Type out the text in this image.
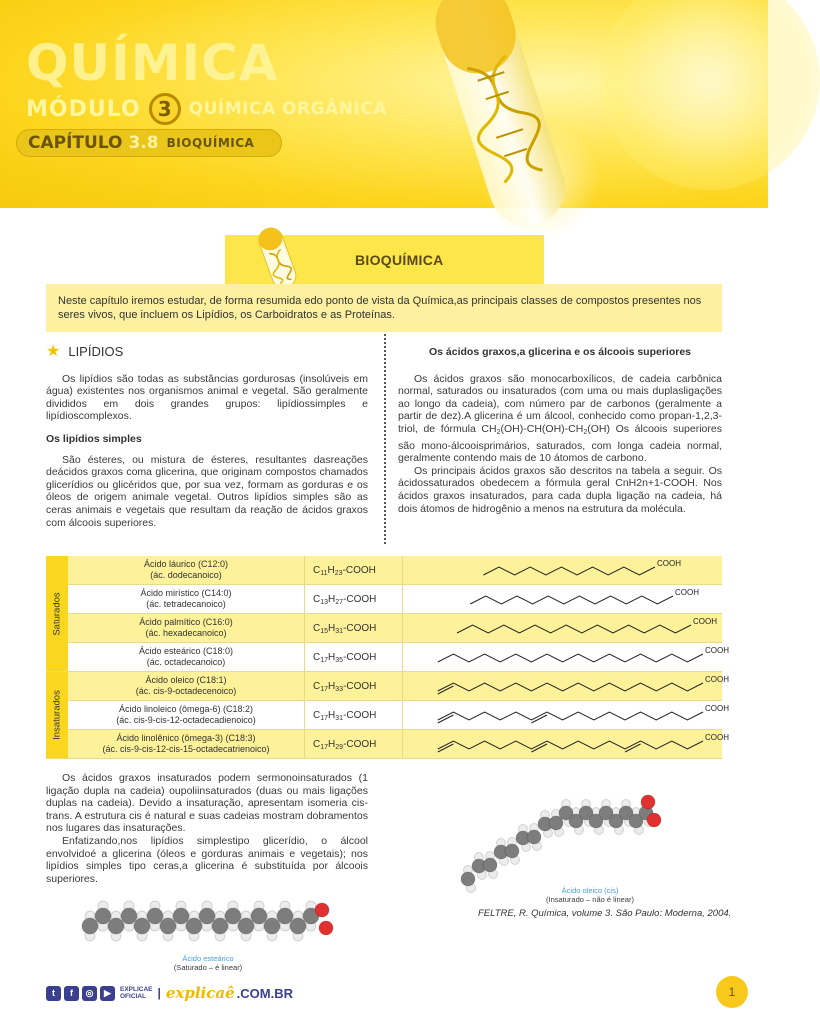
QUÍMICA
MÓDULO 3	QUÍMICA ORGÂNICA
CAPÍTULO 3.8 BIOQUÍMICA
BIOQUÍMICA
Neste capítulo iremos estudar, de forma resumida edo ponto de vista da Química,as principais classes de compostos presentes nos seres vivos, que incluem os Lipídios, os Carboidratos e as Proteínas.
★ LIPÍDIOS

Os lipídios são todas as substâncias gordurosas (insolúveis em água) existentes nos organismos animal e vegetal. São geralmente divididos em dois grandes grupos: lipídiossimples e lipídioscomplexos.

Os lipídios simples

São ésteres, ou mistura de ésteres, resultantes dasreações deácidos graxos coma glicerina, que originam compostos chamados glicerídios ou glicéridos que, por sua vez, formam as gorduras e os óleos de origem animale vegetal. Outros lipídios simples são as ceras animais e vegetais que resultam da reação de ácidos graxos com álcoois superiores.

Os ácidos graxos,a glicerina e os álcoois superiores

Os ácidos graxos são monocarboxílicos, de cadeia carbônica normal, saturados ou insaturados (com uma ou mais duplasligações ao longo da cadeia), com número par de carbonos (geralmente a partir de dez).A glicerina é um álcool, conhecido como propan-1,2,3-triol, de fórmula $CH_2(OH)-CH(OH)-CH_2(OH)$ Os álcoois superiores são mono-álcooisprimários, saturados, com longa cadeia normal, geralmente contendo mais de 10 átomos de carbono.

Os principais ácidos graxos são descritos na tabela a seguir. Os ácidossaturados obedecem a fórmula geral CnH2n+1-COOH. Nos ácidos graxos insaturados, para cada dupla ligação na cadeia, há dois átomos de hidrogênio a menos na estrutura da molécula.

Saturados
Insaturados
Ácido láurico (C12:0)
(ác. dodecanoico)	$C_{11}H_{23}$-COOH
COOH
Ácido mirístico (C14:0)
(ác. tetradecanoico)	$C_{13}H_{27}$-COOH
COOH
Ácido palmítico (C16:0)
(ác. hexadecanoico)	$C_{15}H_{31}$-COOH
COOH
Ácido esteárico (C18:0)
(ác. octadecanoico)	$C_{17}H_{35}$-COOH
COOH
Ácido oleico (C18:1)
(ác. cis-9-octadecenoico)	$C_{17}H_{33}$-COOH
COOH
Ácido linoleico (ômega-6) (C18:2)
(ác. cis-9-cis-12-octadecadienoico)	$C_{17}H_{31}$-COOH
COOH
Ácido linolênico (ômega-3) (C18:3)
(ác. cis-9-cis-12-cis-15-octadecatrienoico)	$C_{17}H_{29}$-COOH
COOH

Os ácidos graxos insaturados podem sermonoinsaturados (1 ligação dupla na cadeia) oupoliinsaturados (duas ou mais ligações duplas na cadeia). Devido a insaturação, apresentam isomeria cis-trans. A estrutura cis é natural e suas cadeias mostram dobramentos nos lugares das insaturações.

Enfatizando,nos lipídios simplestipo glicerídio, o álcool envolvidoé a glicerina (óleos e gorduras animais e vegetais); nos lipídios simples tipo ceras,a glicerina é substituída por álcoois superiores.

Ácido esteárico
(Saturado – é linear)
Ácido oleico (cis)
(Insaturado – não é linear)
FELTRE, R. Química, volume 3. São Paulo: Moderna, 2004.
t	f	◎	▶	EXPLICAE
OFICIAL | explicaê .COM.BR	1
